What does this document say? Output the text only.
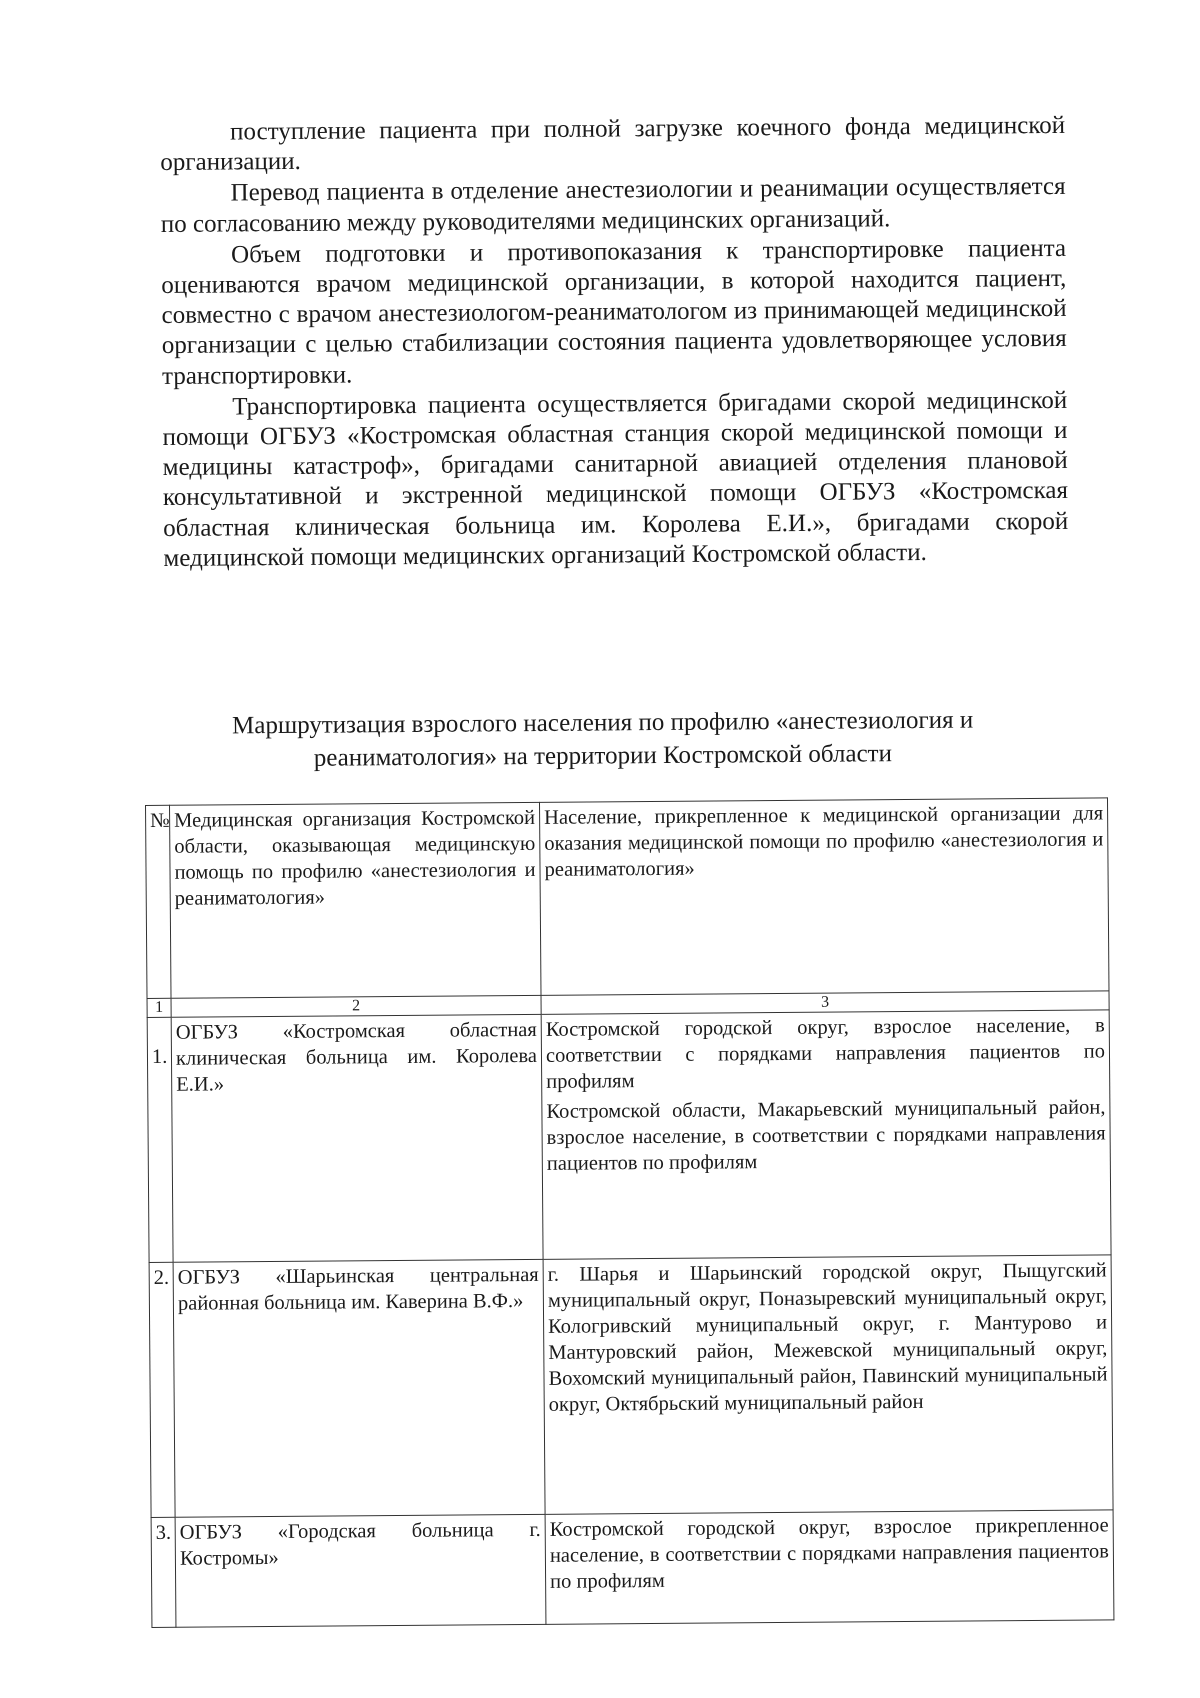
поступление пациента при полной загрузке коечного фонда медицинской организации.

Перевод пациента в отделение анестезиологии и реанимации осуществляется по согласованию между руководителями медицинских организаций.

Объем подготовки и противопоказания к транспортировке пациента оцениваются врачом медицинской организации, в которой находится пациент, совместно с врачом анестезиологом-реаниматологом из принимающей медицинской организации с целью стабилизации состояния пациента удовлетворяющее условия транспортировки.

Транспортировка пациента осуществляется бригадами скорой медицинской помощи ОГБУЗ «Костромская областная станция скорой медицинской помощи и медицины катастроф», бригадами санитарной авиацией отделения плановой консультативной и экстренной медицинской помощи ОГБУЗ «Костромская областная клиническая больница им. Королева Е.И.», бригадами скорой медицинской помощи медицинских организаций Костромской области.

Маршрутизация взрослого населения по профилю «анестезиология и реаниматология» на территории Костромской области
№	Медицинская организация Костромской области, оказывающая медицинскую помощь по профилю «анестезиология и реаниматология»	Население, прикрепленное к медицинской организации для оказания медицинской помощи по профилю «анестезиология и реаниматология»
1	2	3
1.	ОГБУЗ «Костромская областная клиническая больница им. Королева Е.И.»	Костромской городской округ, взрослое население, в соответствии с порядками направления пациентов по профилям
Костромской области, Макарьевский муниципальный район, взрослое население, в соответствии с порядками направления пациентов по профилям
2.	ОГБУЗ «Шарьинская центральная районная больница им. Каверина В.Ф.»	г. Шарья и Шарьинский городской округ, Пыщугский муниципальный округ, Поназыревский муниципальный округ, Кологривский муниципальный округ, г. Мантурово и Мантуровский район, Межевской муниципальный округ, Вохомский муниципальный район, Павинский муниципальный округ, Октябрьский муниципальный район
3.	ОГБУЗ «Городская больница г. Костромы»	Костромской городской округ, взрослое прикрепленное население, в соответствии с порядками направления пациентов по профилям
